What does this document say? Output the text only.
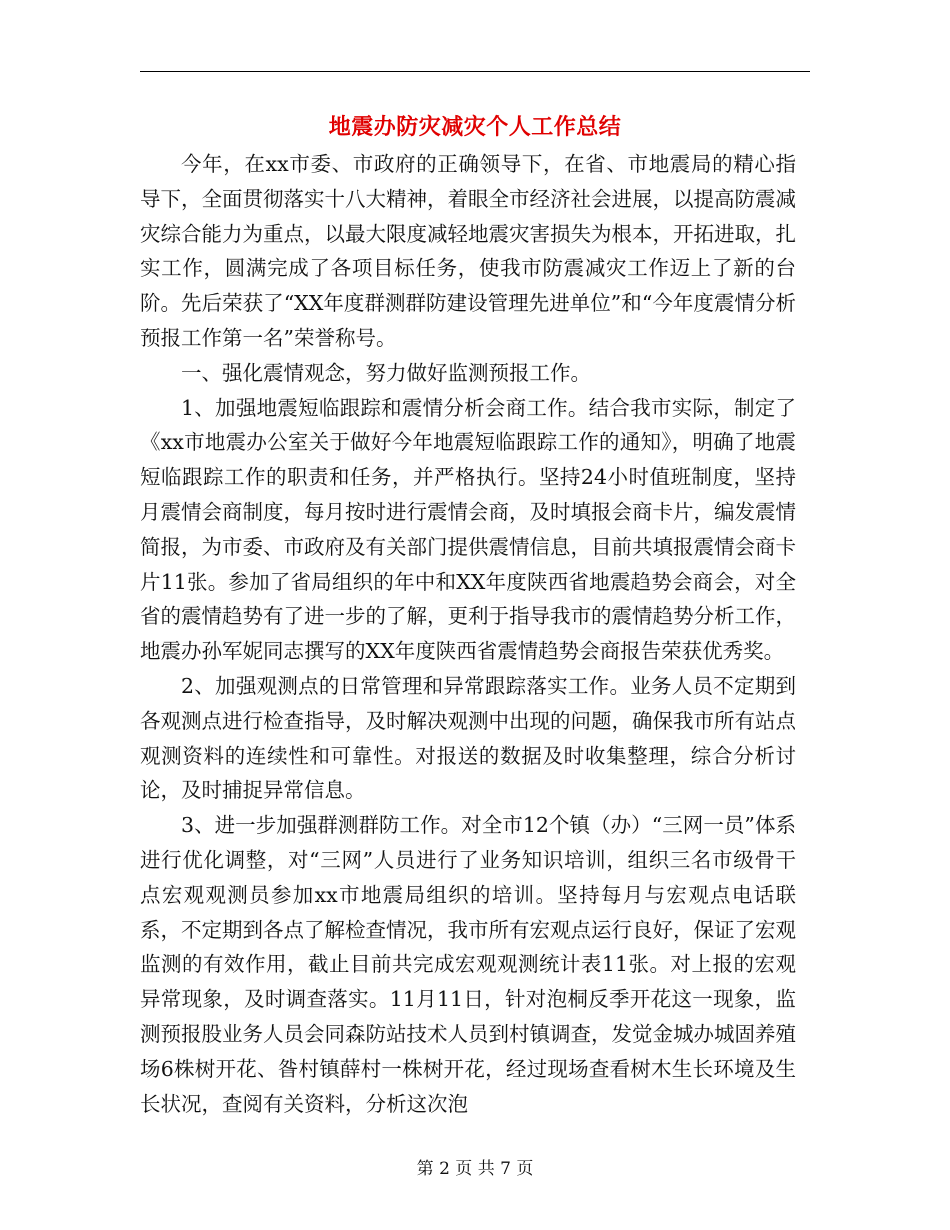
地震办防灾减灾个人工作总结

今年，在xx市委、市政府的正确领导下，在省、市地震局的精心指导下，全面贯彻落实十八大精神，着眼全市经济社会进展，以提高防震减灾综合能力为重点，以最大限度减轻地震灾害损失为根本，开拓进取，扎实工作，圆满完成了各项目标任务，使我市防震减灾工作迈上了新的台阶。先后荣获了“XX年度群测群防建设管理先进单位”和“今年度震情分析预报工作第一名”荣誉称号。

一、强化震情观念，努力做好监测预报工作。

1、加强地震短临跟踪和震情分析会商工作。结合我市实际，制定了《xx市地震办公室关于做好今年地震短临跟踪工作的通知》，明确了地震短临跟踪工作的职责和任务，并严格执行。坚持24小时值班制度，坚持月震情会商制度，每月按时进行震情会商，及时填报会商卡片，编发震情简报，为市委、市政府及有关部门提供震情信息，目前共填报震情会商卡片11张。参加了省局组织的年中和XX年度陕西省地震趋势会商会，对全省的震情趋势有了进一步的了解，更利于指导我市的震情趋势分析工作，地震办孙军妮同志撰写的XX年度陕西省震情趋势会商报告荣获优秀奖。

2、加强观测点的日常管理和异常跟踪落实工作。业务人员不定期到各观测点进行检查指导，及时解决观测中出现的问题，确保我市所有站点观测资料的连续性和可靠性。对报送的数据及时收集整理，综合分析讨论，及时捕捉异常信息。

3、进一步加强群测群防工作。对全市12个镇（办）“三网一员”体系进行优化调整，对“三网”人员进行了业务知识培训，组织三名市级骨干点宏观观测员参加xx市地震局组织的培训。坚持每月与宏观点电话联系，不定期到各点了解检查情况，我市所有宏观点运行良好，保证了宏观监测的有效作用，截止目前共完成宏观观测统计表11张。对上报的宏观异常现象，及时调查落实。11月11日，针对泡桐反季开花这一现象，监测预报股业务人员会同森防站技术人员到村镇调查，发觉金城办城固养殖场6株树开花、昝村镇薛村一株树开花，经过现场查看树木生长环境及生长状况，查阅有关资料，分析这次泡

第 2 页 共 7 页
